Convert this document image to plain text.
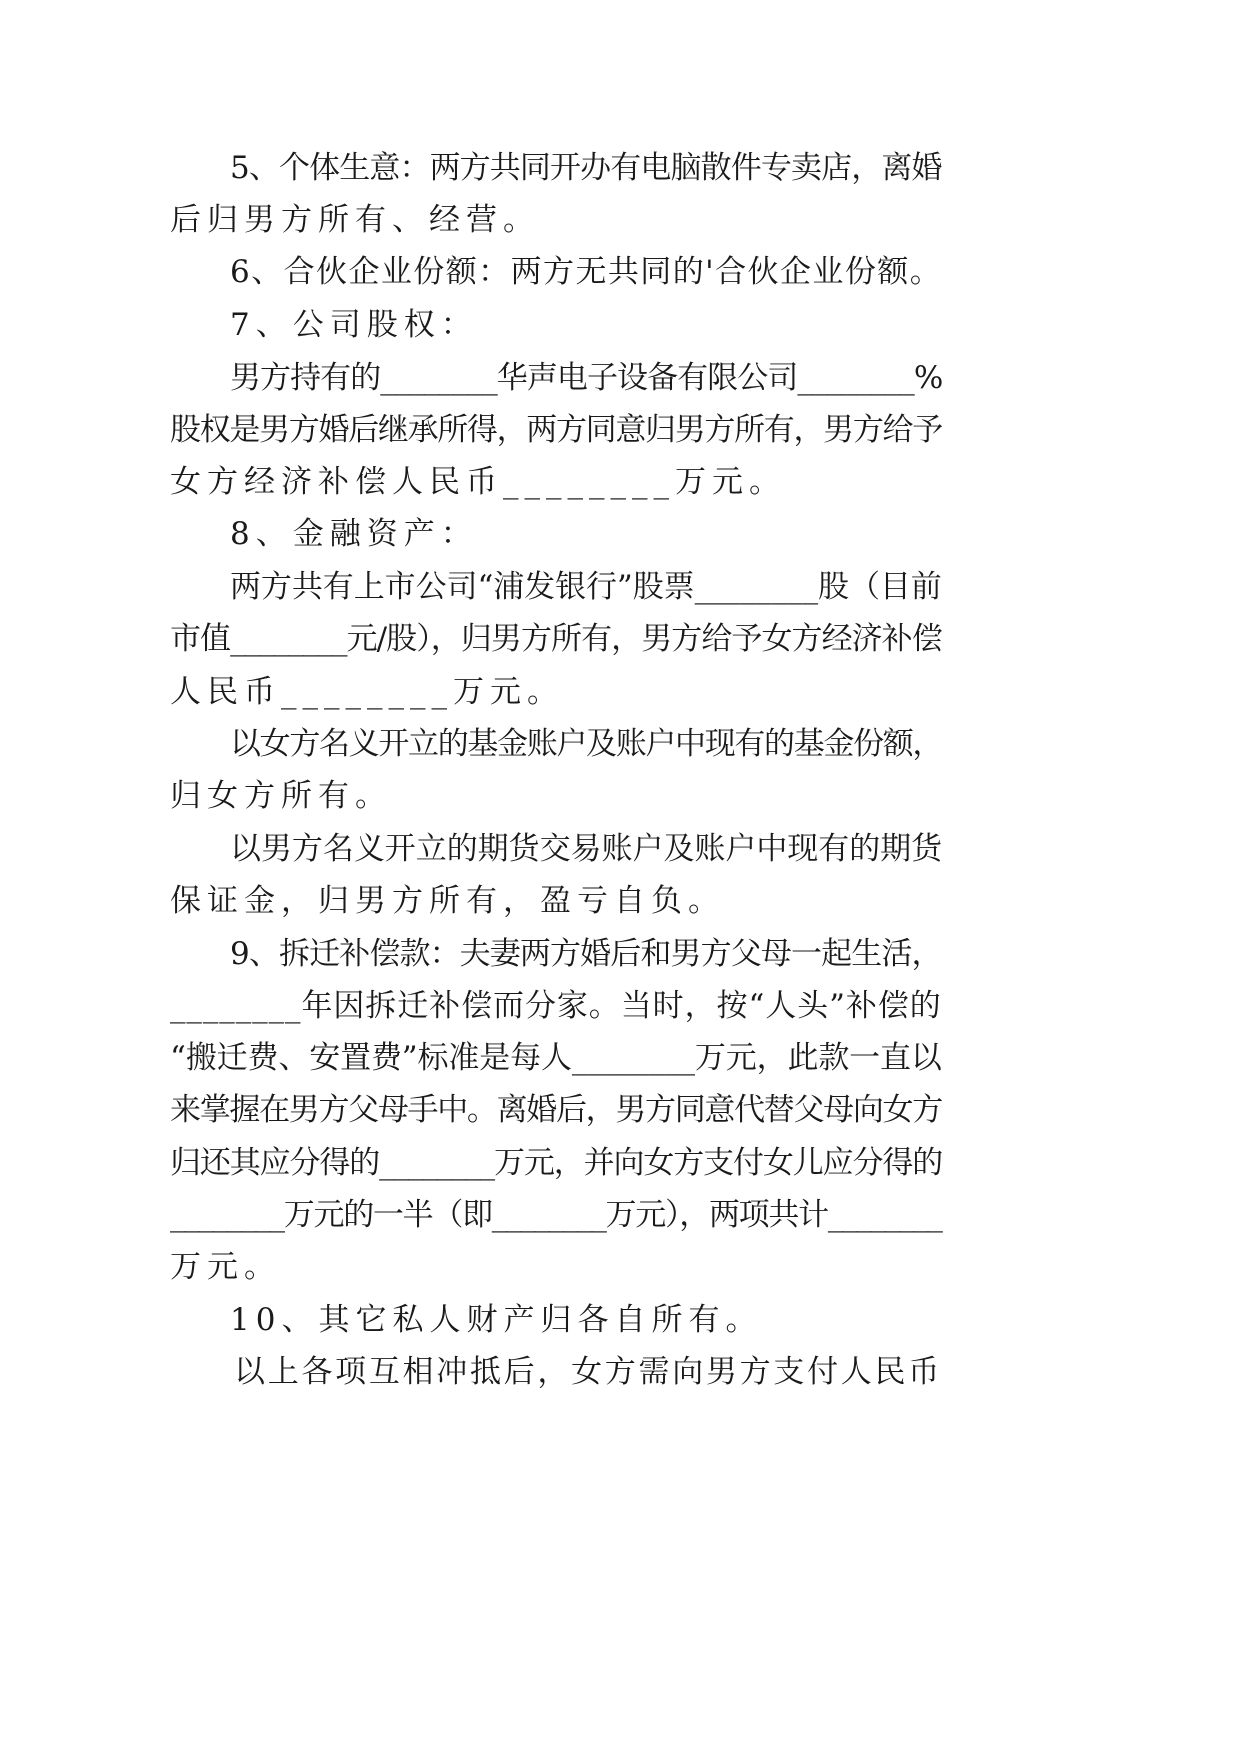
5、个体生意：两方共同开办有电脑散件专卖店，离婚
后归男方所有、经营。
6、合伙企业份额：两方无共同的'合伙企业份额。
7、公司股权：
男方持有的________华声电子设备有限公司________%
股权是男方婚后继承所得，两方同意归男方所有，男方给予
女方经济补偿人民币________万元。
8、金融资产：
两方共有上市公司“浦发银行”股票________股（目前
市值________元/股），归男方所有，男方给予女方经济补偿
人民币________万元。
以女方名义开立的基金账户及账户中现有的基金份额，
归女方所有。
以男方名义开立的期货交易账户及账户中现有的期货
保证金，归男方所有，盈亏自负。
9、拆迁补偿款：夫妻两方婚后和男方父母一起生活，
________年因拆迁补偿而分家。当时，按“人头”补偿的
“搬迁费、安置费”标准是每人________万元，此款一直以
来掌握在男方父母手中。离婚后，男方同意代替父母向女方
归还其应分得的________万元，并向女方支付女儿应分得的
________万元的一半（即________万元），两项共计________
万元。
10、其它私人财产归各自所有。
以上各项互相冲抵后，女方需向男方支付人民币
